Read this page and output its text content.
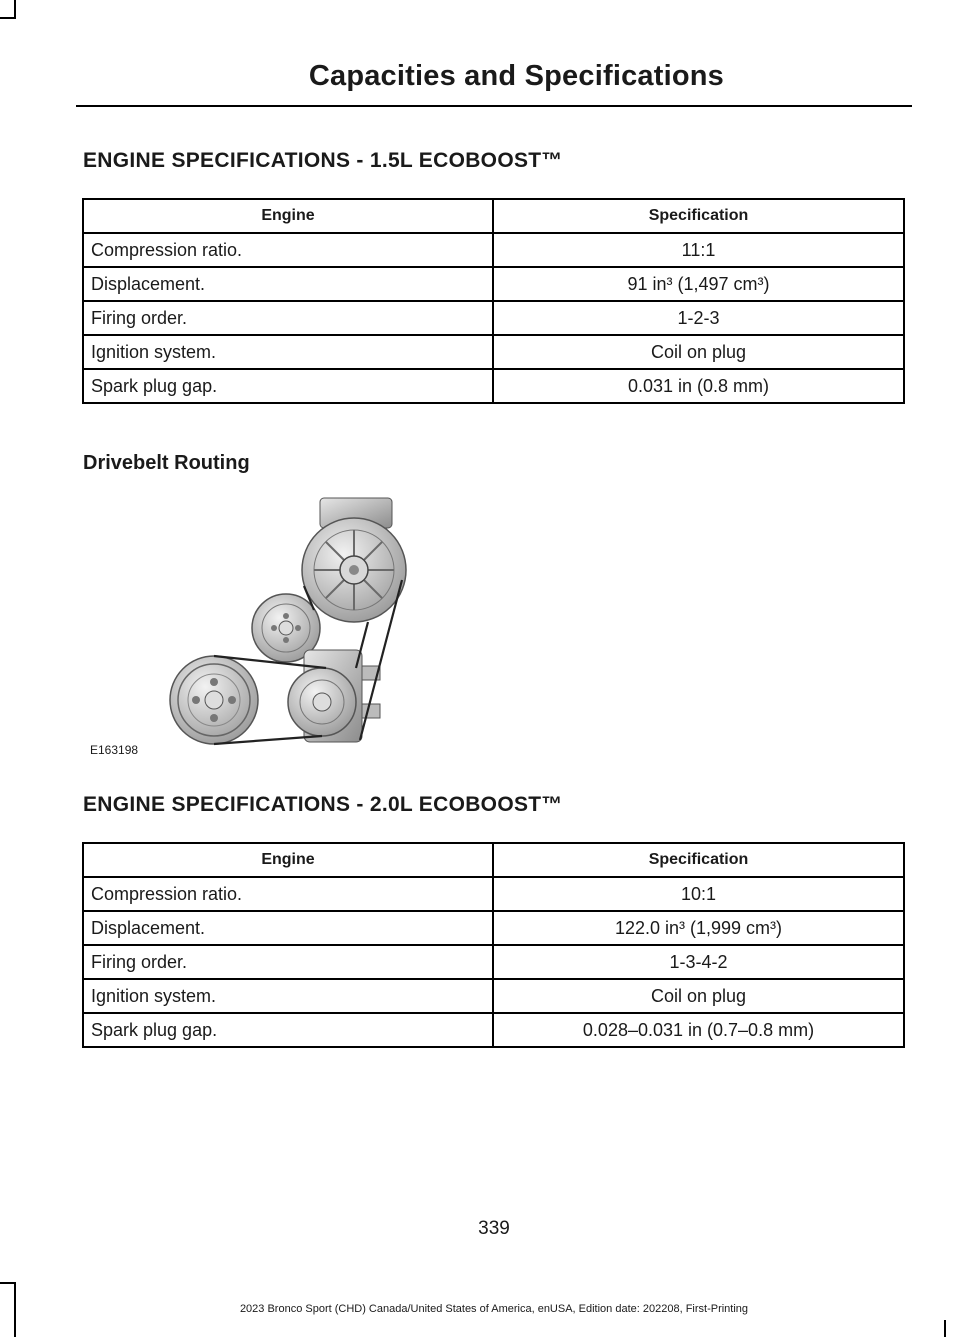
Capacities and Specifications
ENGINE SPECIFICATIONS - 1.5L ECOBOOST™
Engine	Specification
Compression ratio.	11:1
Displacement.	91 in³ (1,497 cm³)
Firing order.	1-2-3
Ignition system.	Coil on plug
Spark plug gap.	0.031 in (0.8 mm)
Drivebelt Routing
E163198
ENGINE SPECIFICATIONS - 2.0L ECOBOOST™
Engine	Specification
Compression ratio.	10:1
Displacement.	122.0 in³ (1,999 cm³)
Firing order.	1-3-4-2
Ignition system.	Coil on plug
Spark plug gap.	0.028–0.031 in (0.7–0.8 mm)
339
2023 Bronco Sport (CHD) Canada/United States of America, enUSA, Edition date: 202208, First-Printing
